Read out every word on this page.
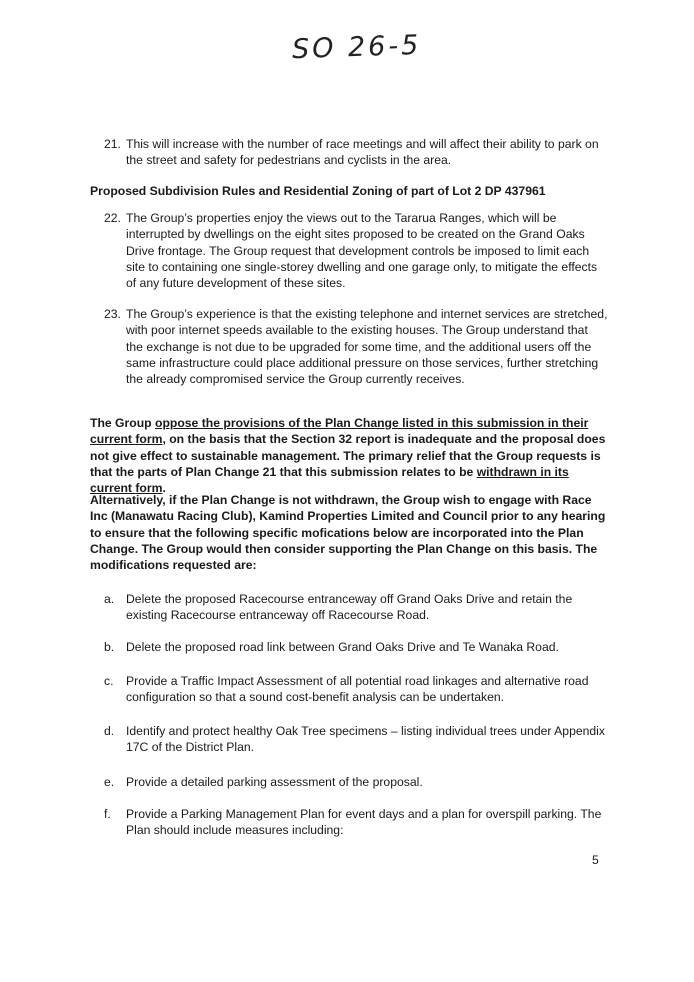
SO 26-5
21. This will increase with the number of race meetings and will affect their ability to park on the street and safety for pedestrians and cyclists in the area.

Proposed Subdivision Rules and Residential Zoning of part of Lot 2 DP 437961

22. The Group’s properties enjoy the views out to the Tararua Ranges, which will be interrupted by dwellings on the eight sites proposed to be created on the Grand Oaks Drive frontage. The Group request that development controls be imposed to limit each site to containing one single-storey dwelling and one garage only, to mitigate the effects of any future development of these sites.

23. The Group’s experience is that the existing telephone and internet services are stretched, with poor internet speeds available to the existing houses. The Group understand that the exchange is not due to be upgraded for some time, and the additional users off the same infrastructure could place additional pressure on those services, further stretching the already compromised service the Group currently receives.

The Group oppose the provisions of the Plan Change listed in this submission in their current form, on the basis that the Section 32 report is inadequate and the proposal does not give effect to sustainable management. The primary relief that the Group requests is that the parts of Plan Change 21 that this submission relates to be withdrawn in its current form.

Alternatively, if the Plan Change is not withdrawn, the Group wish to engage with Race Inc (Manawatu Racing Club), Kamind Properties Limited and Council prior to any hearing to ensure that the following specific mofications below are incorporated into the Plan Change. The Group would then consider supporting the Plan Change on this basis. The modifications requested are:

a. Delete the proposed Racecourse entranceway off Grand Oaks Drive and retain the existing Racecourse entranceway off Racecourse Road.

b. Delete the proposed road link between Grand Oaks Drive and Te Wanaka Road.

c. Provide a Traffic Impact Assessment of all potential road linkages and alternative road configuration so that a sound cost-benefit analysis can be undertaken.

d. Identify and protect healthy Oak Tree specimens – listing individual trees under Appendix 17C of the District Plan.

e. Provide a detailed parking assessment of the proposal.

f. Provide a Parking Management Plan for event days and a plan for overspill parking. The Plan should include measures including:

5
